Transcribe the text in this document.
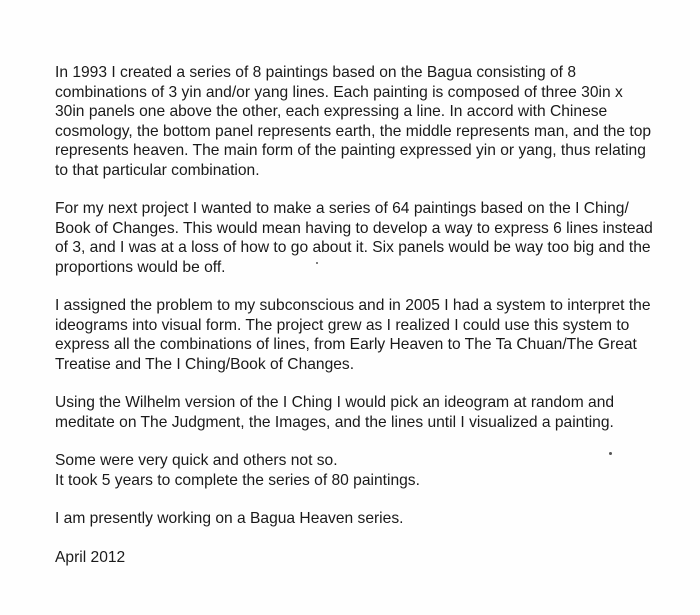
In 1993 I created a series of 8 paintings based on the Bagua consisting of 8
combinations of 3 yin and/or yang lines. Each painting is composed of three 30in x
30in panels one above the other, each expressing a line. In accord with Chinese
cosmology, the bottom panel represents earth, the middle represents man, and the top
represents heaven. The main form of the painting expressed yin or yang, thus relating
to that particular combination.

For my next project I wanted to make a series of 64 paintings based on the I Ching/
Book of Changes. This would mean having to develop a way to express 6 lines instead
of 3, and I was at a loss of how to go about it. Six panels would be way too big and the
proportions would be off.

I assigned the problem to my subconscious and in 2005 I had a system to interpret the
ideograms into visual form. The project grew as I realized I could use this system to
express all the combinations of lines, from Early Heaven to The Ta Chuan/The Great
Treatise and The I Ching/Book of Changes.

Using the Wilhelm version of the I Ching I would pick an ideogram at random and
meditate on The Judgment, the Images, and the lines until I visualized a painting.

Some were very quick and others not so.
It took 5 years to complete the series of 80 paintings.

I am presently working on a Bagua Heaven series.

April 2012
